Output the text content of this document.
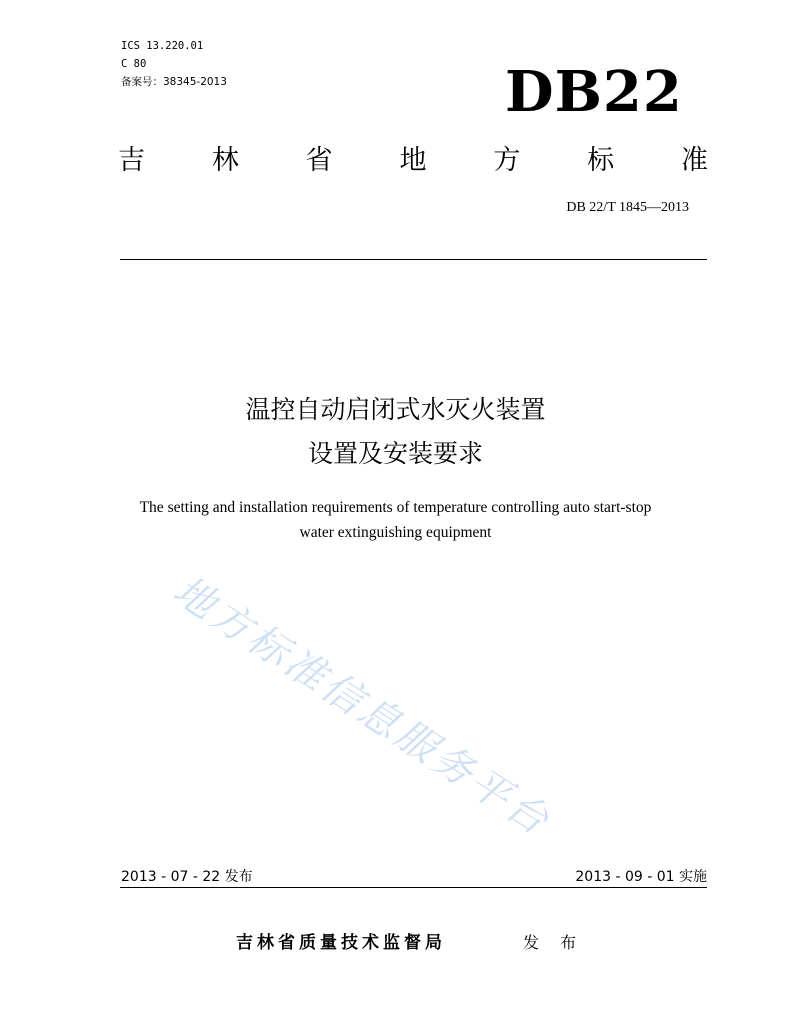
ICS 13.220.01
C 80
备案号：38345-2013	DB22
吉 林 省 地 方 标 准
DB 22/T 1845—2013
温控自动启闭式水灭火装置
设置及安装要求
The setting and installation requirements of temperature controlling auto start-stop
water extinguishing equipment
地方标准信息服务平台
2013 - 07 - 22 发布	2013 - 09 - 01 实施
吉林省质量技术监督局	发 布
